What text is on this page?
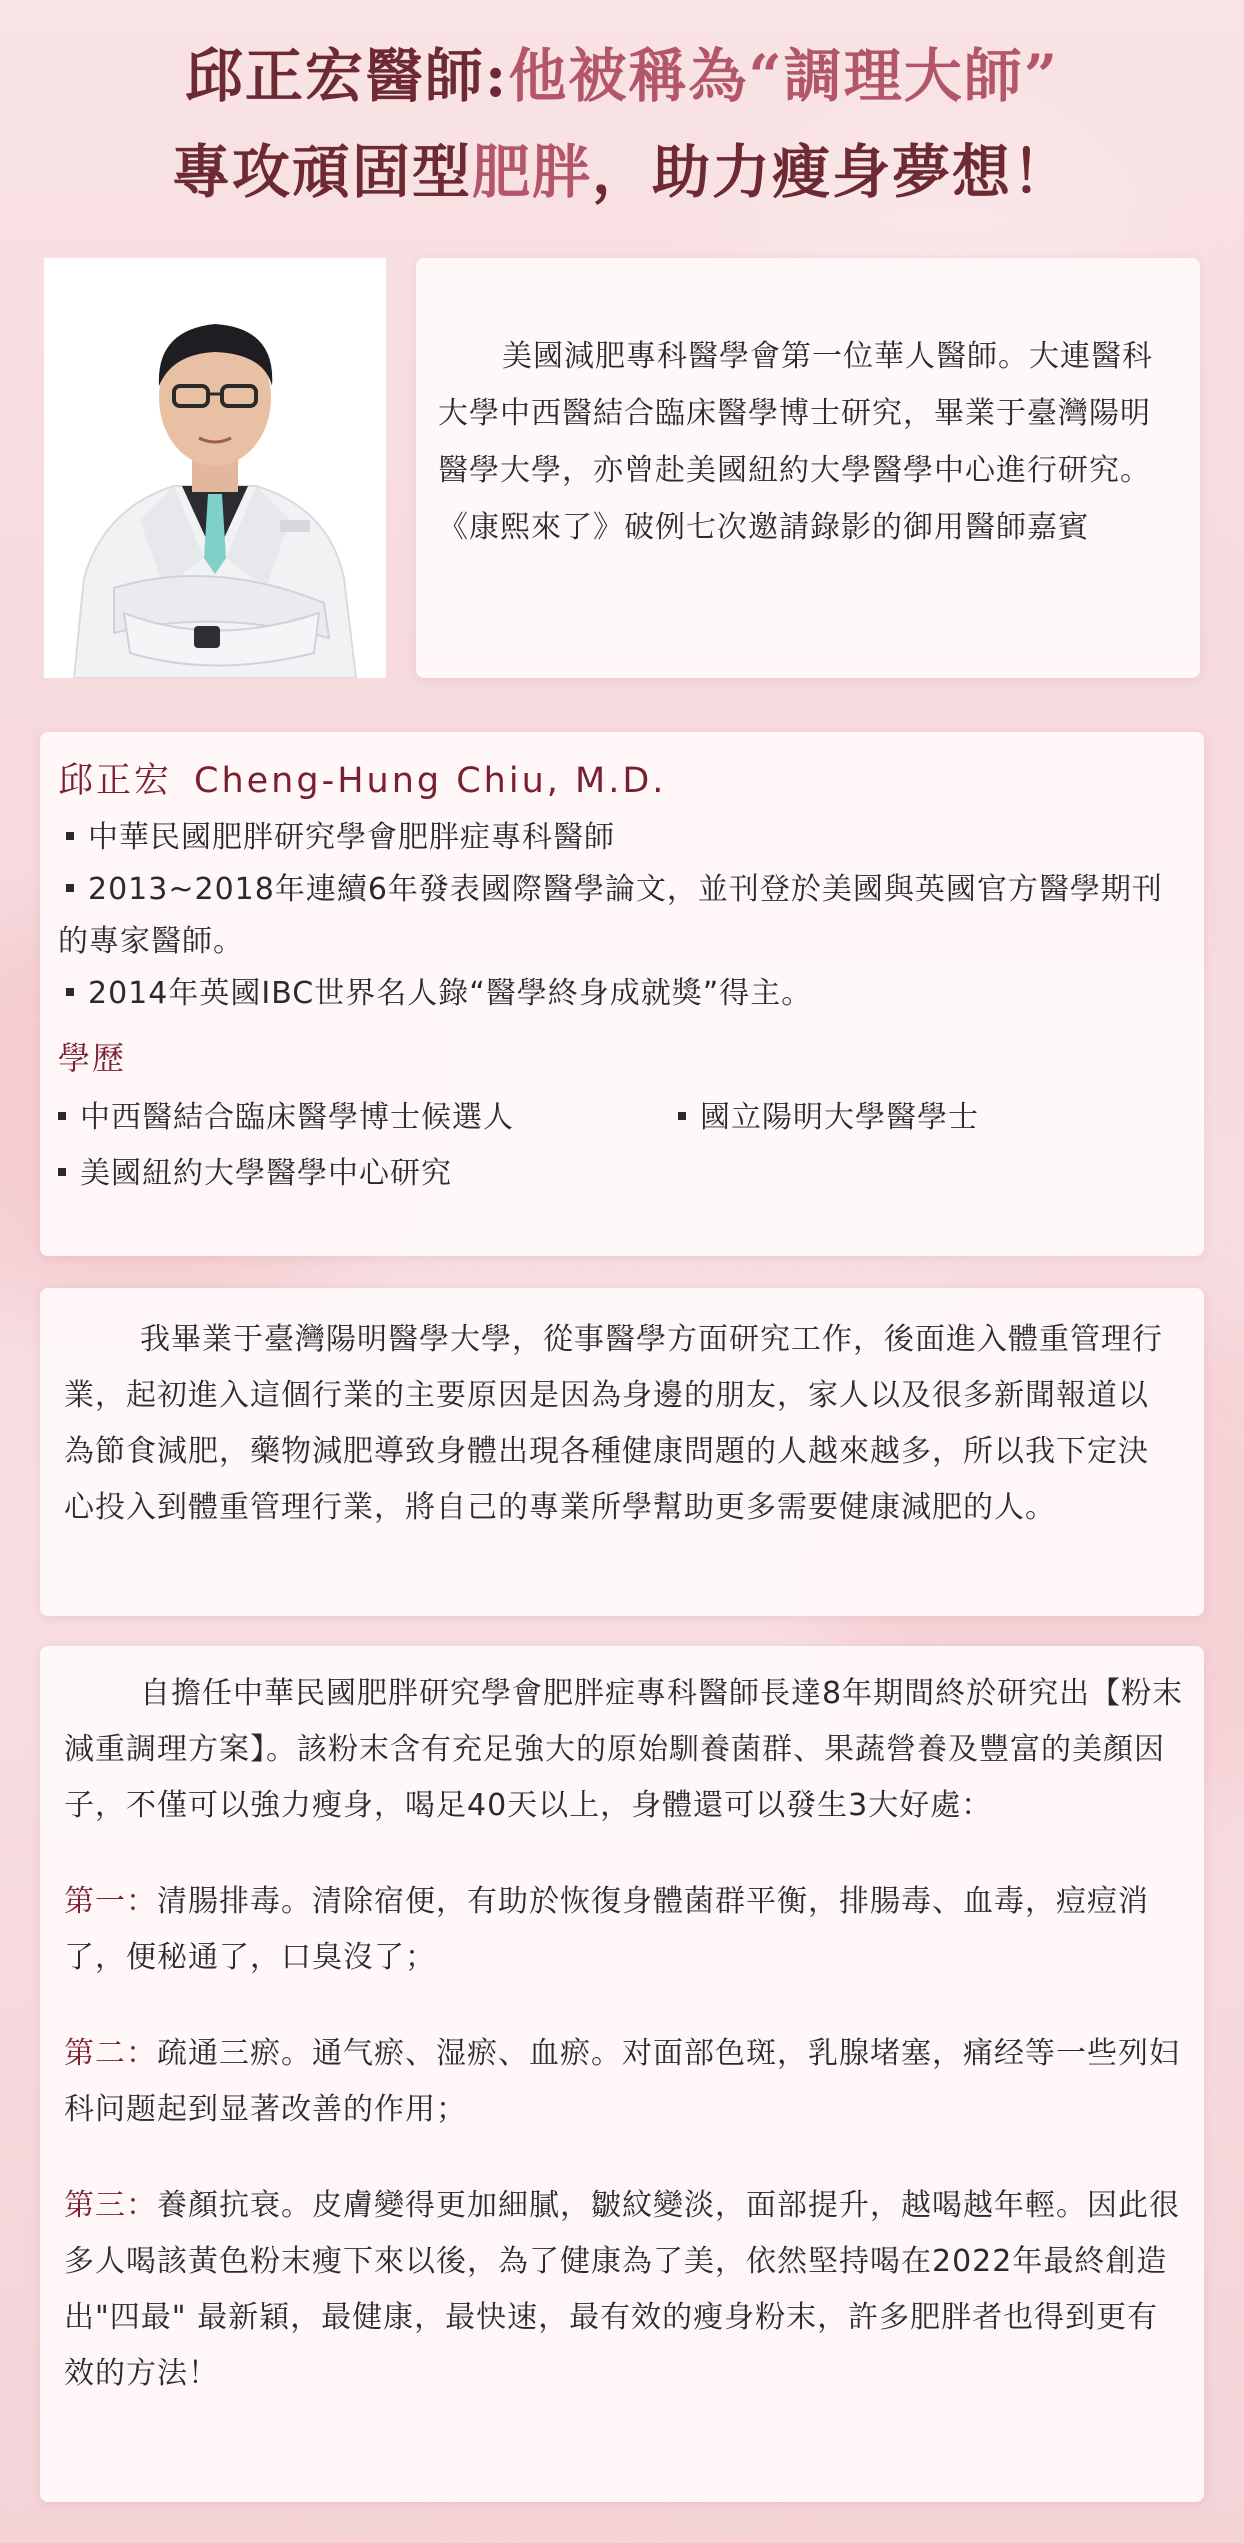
邱正宏醫師:他被稱為“調理大師”
專攻頑固型肥胖，助力瘦身夢想！

美國減肥專科醫學會第一位華人醫師。大連醫科大學中西醫結合臨床醫學博士研究，畢業于臺灣陽明醫學大學，亦曾赴美國紐約大學醫學中心進行研究。《康熙來了》破例七次邀請錄影的御用醫師嘉賓

邱正宏 Cheng-Hung Chiu, M.D.
中華民國肥胖研究學會肥胖症專科醫師
2013~2018年連續6年發表國際醫學論文，並刊登於美國與英國官方醫學期刊的專家醫師。
2014年英國IBC世界名人錄“醫學終身成就獎”得主。
學歷
中西醫結合臨床醫學博士候選人	國立陽明大學醫學士
美國紐約大學醫學中心研究

我畢業于臺灣陽明醫學大學，從事醫學方面研究工作，後面進入體重管理行業，起初進入這個行業的主要原因是因為身邊的朋友，家人以及很多新聞報道以為節食減肥，藥物減肥導致身體出現各種健康問題的人越來越多，所以我下定決心投入到體重管理行業，將自己的專業所學幫助更多需要健康減肥的人。

自擔任中華民國肥胖研究學會肥胖症專科醫師長達8年期間終於研究出【粉末減重調理方案】。該粉末含有充足強大的原始馴養菌群、果蔬營養及豐富的美顏因子，不僅可以強力瘦身，喝足40天以上，身體還可以發生3大好處：

第一：清腸排毒。清除宿便，有助於恢復身體菌群平衡，排腸毒、血毒，痘痘消了，便秘通了，口臭沒了；

第二：疏通三瘀。通气瘀、湿瘀、血瘀。对面部色斑，乳腺堵塞，痛经等一些列妇科问题起到显著改善的作用；

第三：養顏抗衰。皮膚變得更加細膩，皺紋變淡，面部提升，越喝越年輕。因此很多人喝該黃色粉末瘦下來以後，為了健康為了美，依然堅持喝在2022年最終創造出"四最" 最新穎，最健康，最快速，最有效的瘦身粉末，許多肥胖者也得到更有效的方法！
